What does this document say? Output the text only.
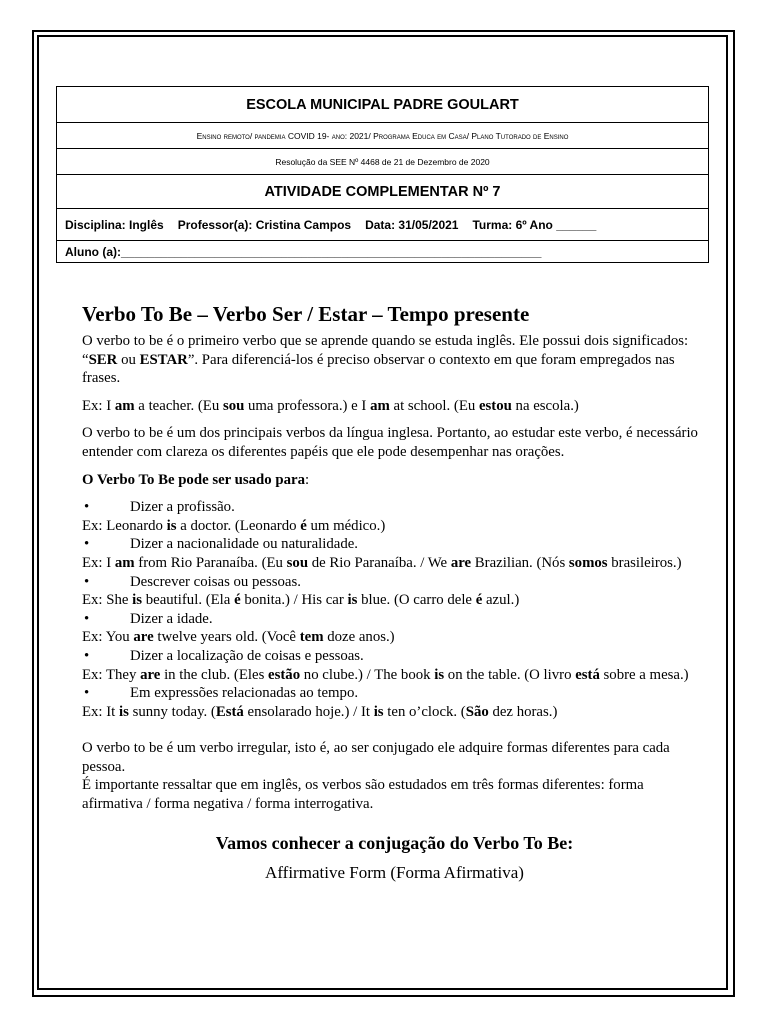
ESCOLA MUNICIPAL PADRE GOULART
Ensino remoto/ pandemia COVID 19- ano: 2021/ Programa Educa em Casa/ Plano Tutorado de Ensino
Resolução da SEE Nº 4468 de 21 de Dezembro de 2020
ATIVIDADE COMPLEMENTAR Nº 7
Disciplina: Inglês Professor(a): Cristina Campos Data: 31/05/2021 Turma: 6º Ano ______
Aluno (a):_______________________________________________________________
Verbo To Be – Verbo Ser / Estar – Tempo presente

O verbo to be é o primeiro verbo que se aprende quando se estuda inglês. Ele possui dois significados: “SER ou ESTAR”. Para diferenciá-los é preciso observar o contexto em que foram empregados nas frases.

Ex: I am a teacher. (Eu sou uma professora.) e I am at school. (Eu estou na escola.)

O verbo to be é um dos principais verbos da língua inglesa. Portanto, ao estudar este verbo, é necessário entender com clareza os diferentes papéis que ele pode desempenhar nas orações.

O Verbo To Be pode ser usado para:

•	Dizer a profissão.

Ex: Leonardo is a doctor. (Leonardo é um médico.)

•	Dizer a nacionalidade ou naturalidade.

Ex: I am from Rio Paranaíba. (Eu sou de Rio Paranaíba. / We are Brazilian. (Nós somos brasileiros.)

•	Descrever coisas ou pessoas.

Ex: She is beautiful. (Ela é bonita.) / His car is blue. (O carro dele é azul.)

•	Dizer a idade.

Ex: You are twelve years old. (Você tem doze anos.)

•	Dizer a localização de coisas e pessoas.

Ex: They are in the club. (Eles estão no clube.) / The book is on the table. (O livro está sobre a mesa.)

•	Em expressões relacionadas ao tempo.

Ex: It is sunny today. (Está ensolarado hoje.) / It is ten o’clock. (São dez horas.)

O verbo to be é um verbo irregular, isto é, ao ser conjugado ele adquire formas diferentes para cada pessoa.

É importante ressaltar que em inglês, os verbos são estudados em três formas diferentes: forma afirmativa / forma negativa / forma interrogativa.

Vamos conhecer a conjugação do Verbo To Be:
Affirmative Form (Forma Afirmativa)
